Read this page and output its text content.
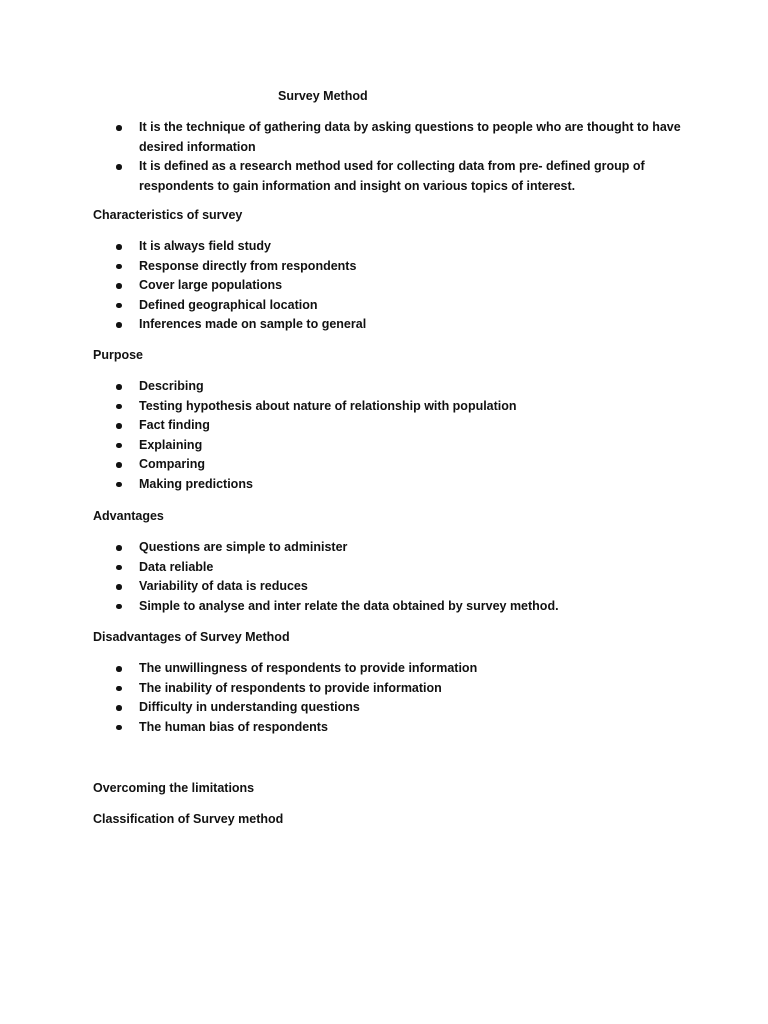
Survey Method
It is the technique of gathering data by asking questions to people who are thought to have
desired information
It is defined as a research method used for collecting data from pre- defined group of
respondents to gain information and insight on various topics of interest.
Characteristics of survey
It is always field study
Response directly from respondents
Cover large populations
Defined geographical location
Inferences made on sample to general
Purpose
Describing
Testing hypothesis about nature of relationship with population
Fact finding
Explaining
Comparing
Making predictions
Advantages
Questions are simple to administer
Data reliable
Variability of data is reduces
Simple to analyse and inter relate the data obtained by survey method.
Disadvantages of Survey Method
The unwillingness of respondents to provide information
The inability of respondents to provide information
Difficulty in understanding questions
The human bias of respondents
Overcoming the limitations
Classification of Survey method
